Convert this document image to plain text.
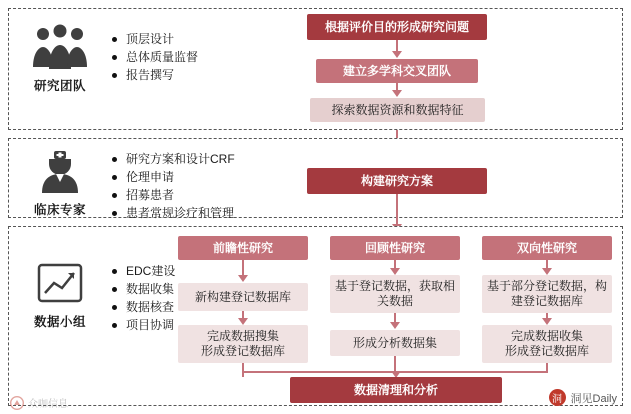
研究团队
顶层设计
总体质量监督
报告撰写
根据评价目的形成研究问题
建立多学科交叉团队
探索数据资源和数据特征
临床专家
研究方案和设计CRF
伦理申请
招募患者
患者常规诊疗和管理
构建研究方案
数据小组
EDC建设
数据收集
数据核查
项目协调
前瞻性研究	回顾性研究	双向性研究
新构建登记数据库
基于登记数据，获取相关数据
基于部分登记数据，构建登记数据库
完成数据搜集
形成登记数据库
形成分析数据集	完成数据收集
形成登记数据库
数据清理和分析
众咖信息	洞 洞见Daily
